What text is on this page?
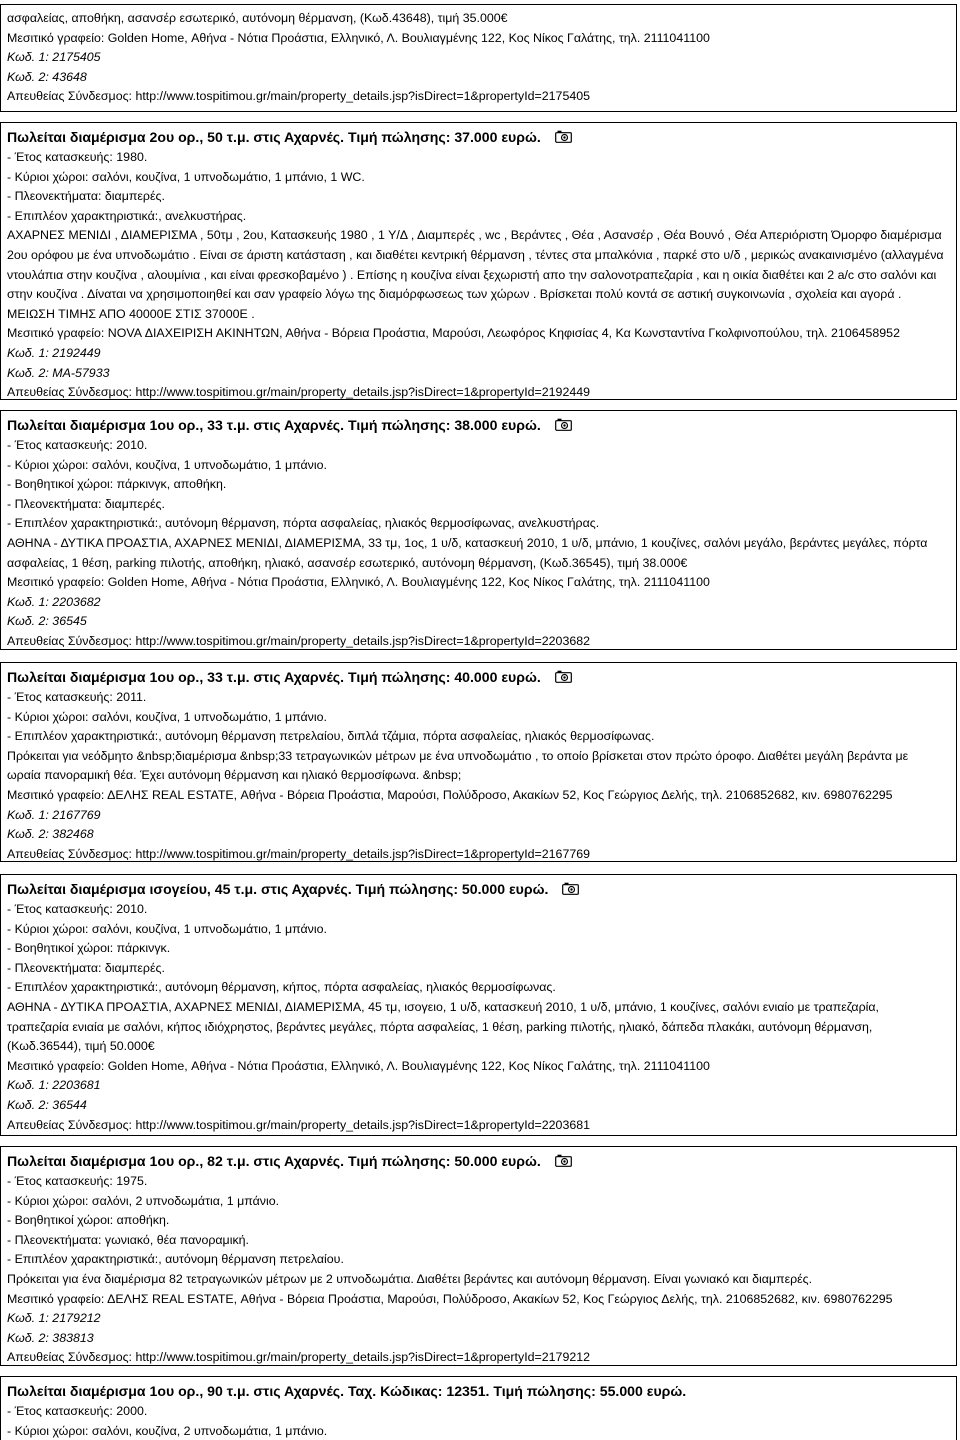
ασφαλείας, αποθήκη, ασανσέρ εσωτερικό, αυτόνομη θέρμανση, (Κωδ.43648), τιμή 35.000€
Μεσιτικό γραφείο: Golden Home, Αθήνα - Νότια Προάστια, Ελληνικό, Λ. Βουλιαγμένης 122, Κος Νίκος Γαλάτης, τηλ. 2111041100
Κωδ. 1: 2175405
Κωδ. 2: 43648
Απευθείας Σύνδεσμος: http://www.tospitimou.gr/main/property_details.jsp?isDirect=1&propertyId=2175405
Πωλείται διαμέρισμα 2ου ορ., 50 τ.μ. στις Αχαρνές. Τιμή πώλησης: 37.000 ευρώ.
- Έτος κατασκευής: 1980.
- Κύριοι χώροι: σαλόνι, κουζίνα, 1 υπνοδωμάτιο, 1 μπάνιο, 1 WC.
- Πλεονεκτήματα: διαμπερές.
- Επιπλέον χαρακτηριστικά:, ανελκυστήρας.
ΑΧΑΡΝΕΣ ΜΕΝΙΔΙ , ΔΙΑΜΕΡΙΣΜΑ , 50τμ , 2ου, Κατασκευής 1980 , 1 Υ/Δ , Διαμπερές , wc , Βεράντες , Θέα , Ασανσέρ , Θέα Βουνό , Θέα Απεριόριστη Όμορφο διαμέρισμα 2ου ορόφου με ένα υπνοδωμάτιο . Είναι σε άριστη κατάσταση , και διαθέτει κεντρική θέρμανση , τέντες στα μπαλκόνια , παρκέ στο υ/δ , μερικώς ανακαινισμένο (αλλαγμένα ντουλάπια στην κουζίνα , αλουμίνια , και είναι φρεσκοβαμένο ) . Επίσης η κουζίνα είναι ξεχωριστή απο την σαλονοτραπεζαρία , και η οικία διαθέτει και 2 a/c στο σαλόνι και στην κουζίνα . Δίναται να χρησιμοποιηθεί και σαν γραφείο λόγω της διαμόρφωσεως των χώρων . Βρίσκεται πολύ κοντά σε αστική συγκοινωνία , σχολεία και αγορά . ΜΕΙΩΣΗ ΤΙΜΗΣ ΑΠΟ 40000Ε ΣΤΙΣ 37000Ε .
Μεσιτικό γραφείο: NOVA ΔΙΑΧΕΙΡΙΣΗ ΑΚΙΝΗΤΩΝ, Αθήνα - Βόρεια Προάστια, Μαρούσι, Λεωφόρος Κηφισίας 4, Κα Κωνσταντίνα Γκολφινοπούλου, τηλ. 2106458952
Κωδ. 1: 2192449
Κωδ. 2: ΜΑ-57933
Απευθείας Σύνδεσμος: http://www.tospitimou.gr/main/property_details.jsp?isDirect=1&propertyId=2192449
Πωλείται διαμέρισμα 1ου ορ., 33 τ.μ. στις Αχαρνές. Τιμή πώλησης: 38.000 ευρώ.
- Έτος κατασκευής: 2010.
- Κύριοι χώροι: σαλόνι, κουζίνα, 1 υπνοδωμάτιο, 1 μπάνιο.
- Βοηθητικοί χώροι: πάρκινγκ, αποθήκη.
- Πλεονεκτήματα: διαμπερές.
- Επιπλέον χαρακτηριστικά:, αυτόνομη θέρμανση, πόρτα ασφαλείας, ηλιακός θερμοσίφωνας, ανελκυστήρας.
ΑΘΗΝΑ - ΔΥΤΙΚΑ ΠΡΟΑΣΤΙΑ, ΑΧΑΡΝΕΣ ΜΕΝΙΔΙ, ΔΙΑΜΕΡΙΣΜΑ, 33 τμ, 1ος, 1 υ/δ, κατασκευή 2010, 1 υ/δ, μπάνιο, 1 κουζίνες, σαλόνι μεγάλο, βεράντες μεγάλες, πόρτα ασφαλείας, 1 θέση, parking πιλοτής, αποθήκη, ηλιακό, ασανσέρ εσωτερικό, αυτόνομη θέρμανση, (Κωδ.36545), τιμή 38.000€
Μεσιτικό γραφείο: Golden Home, Αθήνα - Νότια Προάστια, Ελληνικό, Λ. Βουλιαγμένης 122, Κος Νίκος Γαλάτης, τηλ. 2111041100
Κωδ. 1: 2203682
Κωδ. 2: 36545
Απευθείας Σύνδεσμος: http://www.tospitimou.gr/main/property_details.jsp?isDirect=1&propertyId=2203682
Πωλείται διαμέρισμα 1ου ορ., 33 τ.μ. στις Αχαρνές. Τιμή πώλησης: 40.000 ευρώ.
- Έτος κατασκευής: 2011.
- Κύριοι χώροι: σαλόνι, κουζίνα, 1 υπνοδωμάτιο, 1 μπάνιο.
- Επιπλέον χαρακτηριστικά:, αυτόνομη θέρμανση πετρελαίου, διπλά τζάμια, πόρτα ασφαλείας, ηλιακός θερμοσίφωνας.
Πρόκειται για νεόδμητο &nbsp;διαμέρισμα &nbsp;33 τετραγωνικών μέτρων με ένα υπνοδωμάτιο , το οποίο βρίσκεται στον πρώτο όροφο. Διαθέτει μεγάλη βεράντα με ωραία πανοραμική θέα. Έχει αυτόνομη θέρμανση και ηλιακό θερμοσίφωνα. &nbsp;
Μεσιτικό γραφείο: ΔΕΛΗΣ REAL ESTATE, Αθήνα - Βόρεια Προάστια, Μαρούσι, Πολύδροσο, Ακακίων 52, Κος Γεώργιος Δελής, τηλ. 2106852682, κιν. 6980762295
Κωδ. 1: 2167769
Κωδ. 2: 382468
Απευθείας Σύνδεσμος: http://www.tospitimou.gr/main/property_details.jsp?isDirect=1&propertyId=2167769
Πωλείται διαμέρισμα ισογείου, 45 τ.μ. στις Αχαρνές. Τιμή πώλησης: 50.000 ευρώ.
- Έτος κατασκευής: 2010.
- Κύριοι χώροι: σαλόνι, κουζίνα, 1 υπνοδωμάτιο, 1 μπάνιο.
- Βοηθητικοί χώροι: πάρκινγκ.
- Πλεονεκτήματα: διαμπερές.
- Επιπλέον χαρακτηριστικά:, αυτόνομη θέρμανση, κήπος, πόρτα ασφαλείας, ηλιακός θερμοσίφωνας.
ΑΘΗΝΑ - ΔΥΤΙΚΑ ΠΡΟΑΣΤΙΑ, ΑΧΑΡΝΕΣ ΜΕΝΙΔΙ, ΔΙΑΜΕΡΙΣΜΑ, 45 τμ, ισογειο, 1 υ/δ, κατασκευή 2010, 1 υ/δ, μπάνιο, 1 κουζίνες, σαλόνι ενιαίο με τραπεζαρία, τραπεζαρία ενιαία με σαλόνι, κήπος ιδιόχρηστος, βεράντες μεγάλες, πόρτα ασφαλείας, 1 θέση, parking πιλοτής, ηλιακό, δάπεδα πλακάκι, αυτόνομη θέρμανση, (Κωδ.36544), τιμή 50.000€
Μεσιτικό γραφείο: Golden Home, Αθήνα - Νότια Προάστια, Ελληνικό, Λ. Βουλιαγμένης 122, Κος Νίκος Γαλάτης, τηλ. 2111041100
Κωδ. 1: 2203681
Κωδ. 2: 36544
Απευθείας Σύνδεσμος: http://www.tospitimou.gr/main/property_details.jsp?isDirect=1&propertyId=2203681
Πωλείται διαμέρισμα 1ου ορ., 82 τ.μ. στις Αχαρνές. Τιμή πώλησης: 50.000 ευρώ.
- Έτος κατασκευής: 1975.
- Κύριοι χώροι: σαλόνι, 2 υπνοδωμάτια, 1 μπάνιο.
- Βοηθητικοί χώροι: αποθήκη.
- Πλεονεκτήματα: γωνιακό, θέα πανοραμική.
- Επιπλέον χαρακτηριστικά:, αυτόνομη θέρμανση πετρελαίου.
Πρόκειται για ένα διαμέρισμα 82 τετραγωνικών μέτρων με 2 υπνοδωμάτια. Διαθέτει βεράντες και αυτόνομη θέρμανση. Είναι γωνιακό και διαμπερές.
Μεσιτικό γραφείο: ΔΕΛΗΣ REAL ESTATE, Αθήνα - Βόρεια Προάστια, Μαρούσι, Πολύδροσο, Ακακίων 52, Κος Γεώργιος Δελής, τηλ. 2106852682, κιν. 6980762295
Κωδ. 1: 2179212
Κωδ. 2: 383813
Απευθείας Σύνδεσμος: http://www.tospitimou.gr/main/property_details.jsp?isDirect=1&propertyId=2179212
Πωλείται διαμέρισμα 1ου ορ., 90 τ.μ. στις Αχαρνές. Ταχ. Κώδικας: 12351. Τιμή πώλησης: 55.000 ευρώ.
- Έτος κατασκευής: 2000.
- Κύριοι χώροι: σαλόνι, κουζίνα, 2 υπνοδωμάτια, 1 μπάνιο.
